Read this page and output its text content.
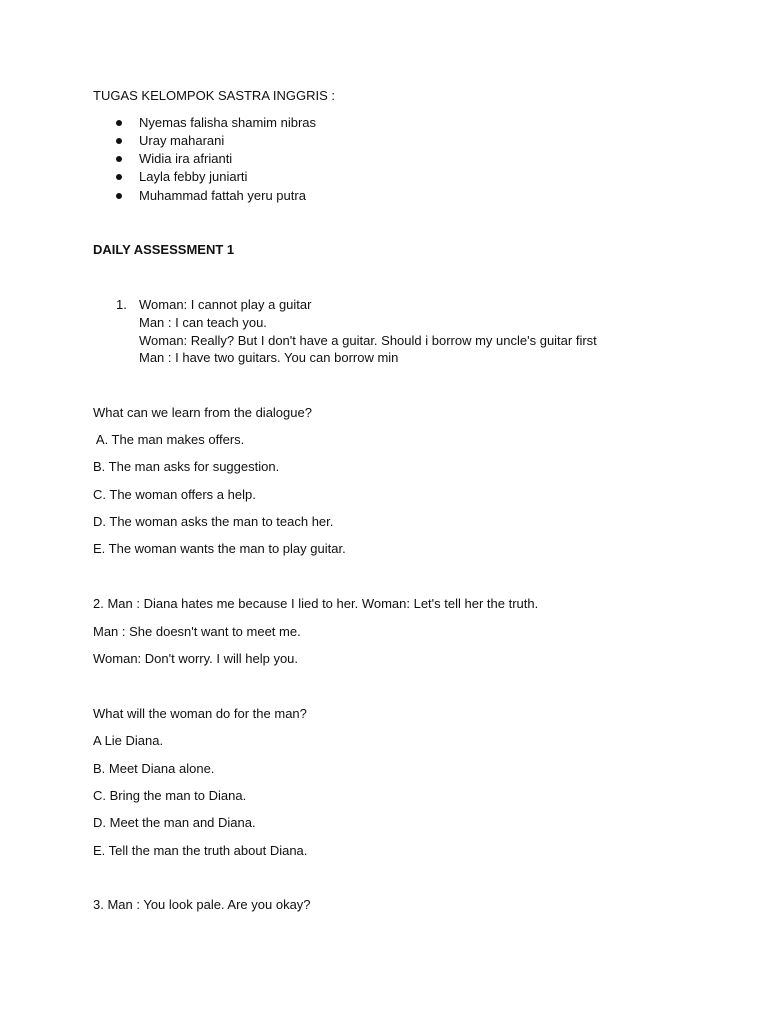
TUGAS KELOMPOK SASTRA INGGRIS :
Nyemas falisha shamim nibras
Uray maharani
Widia ira afrianti
Layla febby juniarti
Muhammad fattah yeru putra
DAILY ASSESSMENT 1
1. Woman: I cannot play a guitar
Man : I can teach you.
Woman: Really? But I don't have a guitar. Should i borrow my uncle's guitar first
Man : I have two guitars. You can borrow min
What can we learn from the dialogue?
A. The man makes offers.
B. The man asks for suggestion.
C. The woman offers a help.
D. The woman asks the man to teach her.
E. The woman wants the man to play guitar.
2. Man : Diana hates me because I lied to her. Woman: Let's tell her the truth.
Man : She doesn't want to meet me.
Woman: Don't worry. I will help you.
What will the woman do for the man?
A Lie Diana.
B. Meet Diana alone.
C. Bring the man to Diana.
D. Meet the man and Diana.
E. Tell the man the truth about Diana.
3. Man : You look pale. Are you okay?
